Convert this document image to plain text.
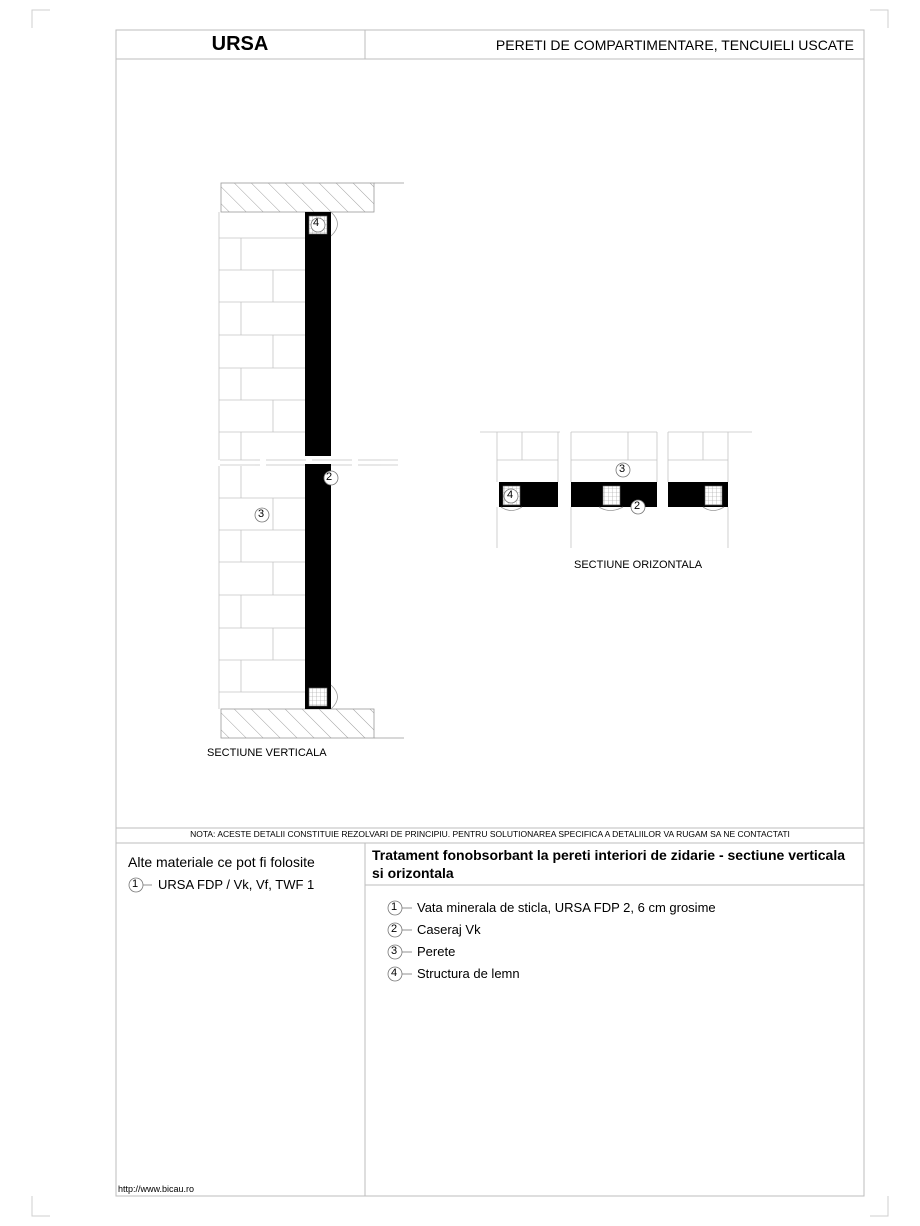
URSA	PERETI DE COMPARTIMENTARE, TENCUIELI USCATE
4
2
3
3
4
2
SECTIUNE VERTICALA
SECTIUNE ORIZONTALA
NOTA: ACESTE DETALII CONSTITUIE REZOLVARI DE PRINCIPIU. PENTRU SOLUTIONAREA SPECIFICA A DETALIILOR VA RUGAM SA NE CONTACTATI
Alte materiale ce pot fi folosite
1 URSA FDP / Vk, Vf, TWF 1
Tratament fonobsorbant la pereti interiori de zidarie - sectiune verticala si orizontala
1 Vata minerala de sticla, URSA FDP 2, 6 cm grosime
2 Caseraj Vk
3 Perete
4 Structura de lemn
http://www.bicau.ro
